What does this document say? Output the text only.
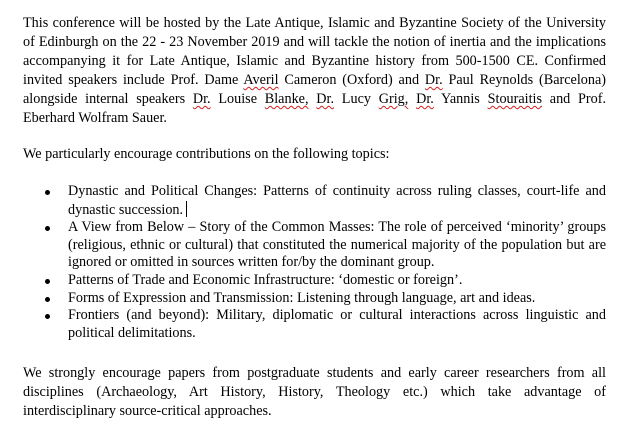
This conference will be hosted by the Late Antique, Islamic and Byzantine Society of the University of Edinburgh on the 22 - 23 November 2019 and will tackle the notion of inertia and the implications accompanying it for Late Antique, Islamic and Byzantine history from 500-1500 CE. Confirmed invited speakers include Prof. Dame Averil Cameron (Oxford) and Dr. Paul Reynolds (Barcelona) alongside internal speakers Dr. Louise Blanke, Dr. Lucy Grig, Dr. Yannis Stouraitis and Prof. Eberhard Wolfram Sauer.

We particularly encourage contributions on the following topics:

Dynastic and Political Changes: Patterns of continuity across ruling classes, court-life and dynastic succession.
A View from Below – Story of the Common Masses: The role of perceived ‘minority’ groups (religious, ethnic or cultural) that constituted the numerical majority of the population but are ignored or omitted in sources written for/by the dominant group.
Patterns of Trade and Economic Infrastructure: ‘domestic or foreign’.
Forms of Expression and Transmission: Listening through language, art and ideas.
Frontiers (and beyond): Military, diplomatic or cultural interactions across linguistic and political delimitations.

We strongly encourage papers from postgraduate students and early career researchers from all disciplines (Archaeology, Art History, History, Theology etc.) which take advantage of interdisciplinary source-critical approaches.
